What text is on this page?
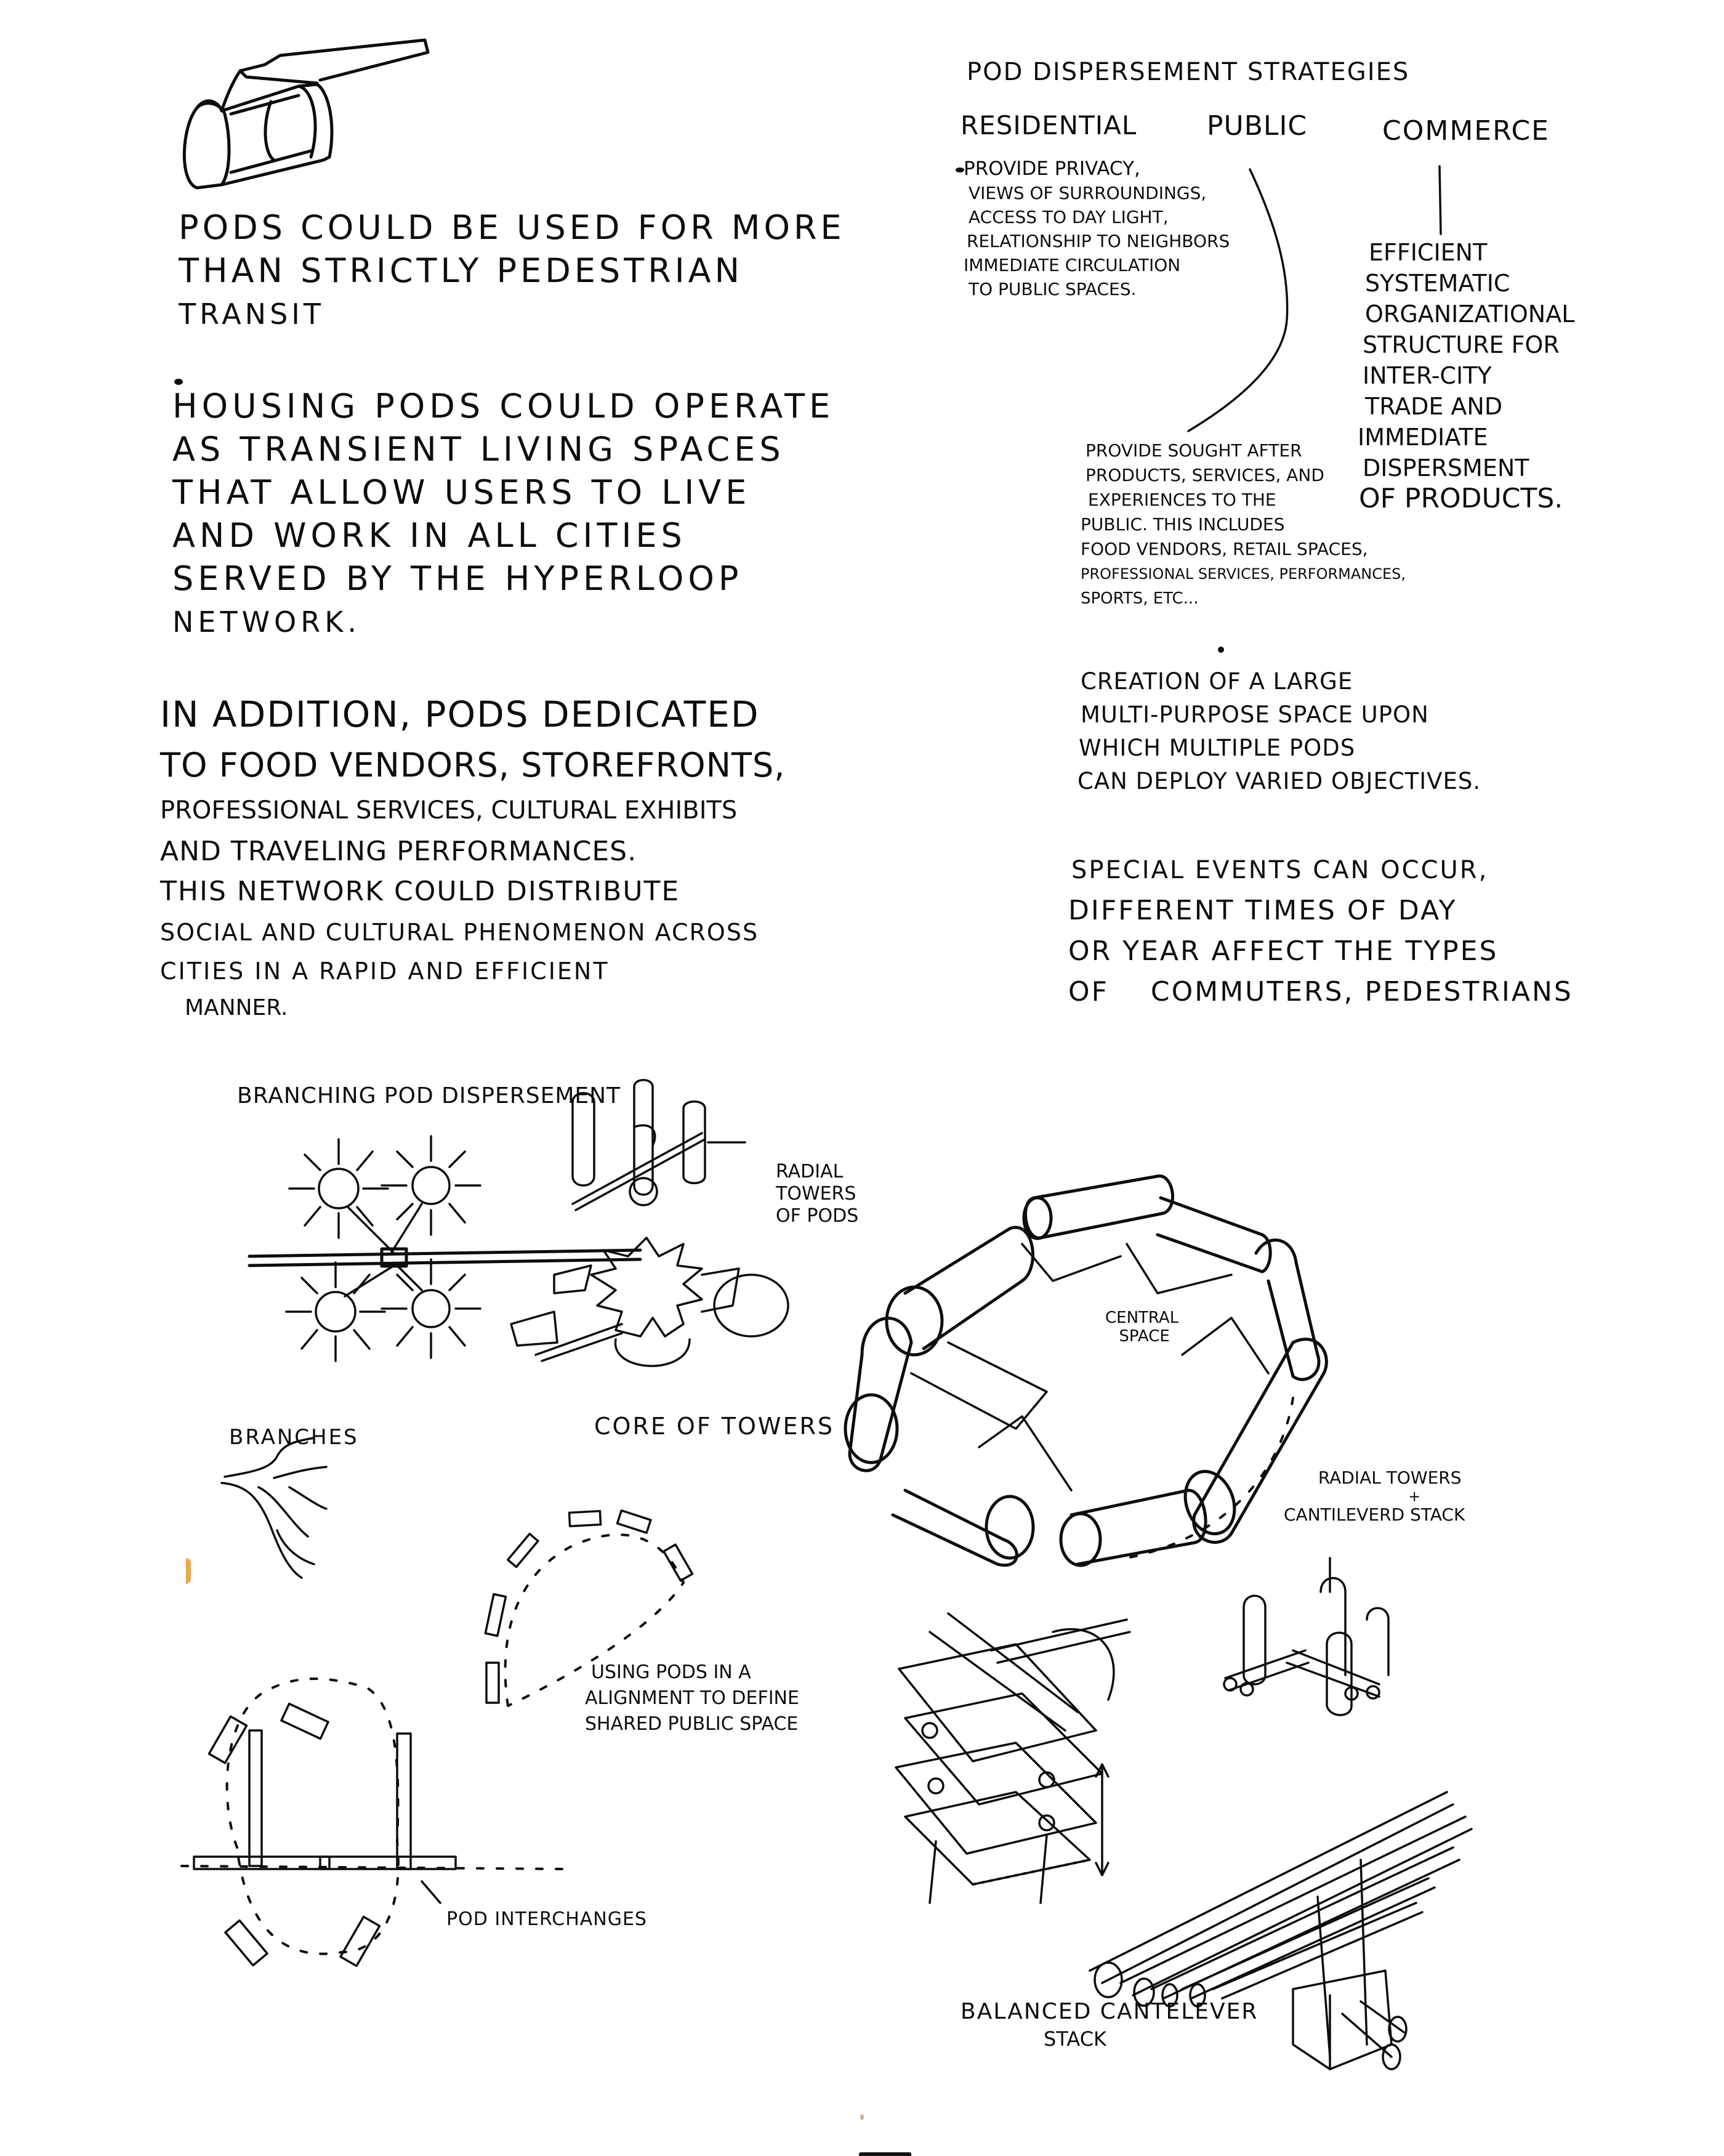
PODS COULD BE USED FOR MORE
THAN STRICTLY PEDESTRIAN
TRANSIT
HOUSING PODS COULD OPERATE
AS TRANSIENT LIVING SPACES
THAT ALLOW USERS TO LIVE
AND WORK IN ALL CITIES
SERVED BY THE HYPERLOOP
NETWORK.
IN ADDITION, PODS DEDICATED
TO FOOD VENDORS, STOREFRONTS,
PROFESSIONAL SERVICES, CULTURAL EXHIBITS
AND TRAVELING PERFORMANCES.
THIS NETWORK COULD DISTRIBUTE
SOCIAL AND CULTURAL PHENOMENON ACROSS
CITIES IN A RAPID AND EFFICIENT
MANNER.
POD DISPERSEMENT STRATEGIES
RESIDENTIAL	PUBLIC	COMMERCE
PROVIDE PRIVACY,
VIEWS OF SURROUNDINGS,
ACCESS TO DAY LIGHT,
RELATIONSHIP TO NEIGHBORS
IMMEDIATE CIRCULATION
TO PUBLIC SPACES.
EFFICIENT
SYSTEMATIC
ORGANIZATIONAL
STRUCTURE FOR
INTER-CITY
TRADE AND
IMMEDIATE
DISPERSMENT
OF PRODUCTS.
PROVIDE SOUGHT AFTER
PRODUCTS, SERVICES, AND
EXPERIENCES TO THE
PUBLIC. THIS INCLUDES
FOOD VENDORS, RETAIL SPACES,
PROFESSIONAL SERVICES, PERFORMANCES,
SPORTS, ETC...
CREATION OF A LARGE
MULTI-PURPOSE SPACE UPON
WHICH MULTIPLE PODS
CAN DEPLOY VARIED OBJECTIVES.
SPECIAL EVENTS CAN OCCUR,
DIFFERENT TIMES OF DAY
OR YEAR AFFECT THE TYPES
OF    COMMUTERS, PEDESTRIANS
BRANCHING POD DISPERSEMENT
RADIAL
TOWERS
OF PODS
CORE OF TOWERS
BRANCHES
USING PODS IN A
ALIGNMENT TO DEFINE
SHARED PUBLIC SPACE
POD INTERCHANGES
CENTRAL
SPACE
RADIAL TOWERS
+
CANTILEVERD STACK
BALANCED CANTELEVER
STACK
